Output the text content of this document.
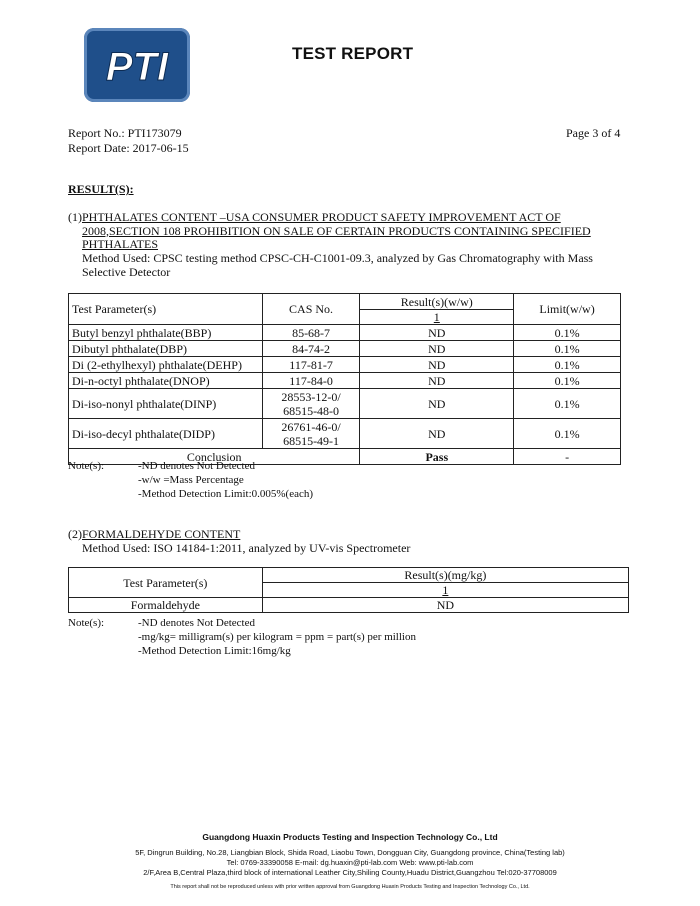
PTI	TEST REPORT
Report No.: PTI173079
Report Date: 2017-06-15
Page 3 of 4
RESULT(S):
(1)PHTHALATES CONTENT –USA CONSUMER PRODUCT SAFETY IMPROVEMENT ACT OF
2008,SECTION 108 PROHIBITION ON SALE OF CERTAIN PRODUCTS CONTAINING SPECIFIED
PHTHALATES
Method Used: CPSC testing method CPSC-CH-C1001-09.3, analyzed by Gas Chromatography with Mass
Selective Detector
Test Parameter(s)	CAS No.	Result(s)(w/w)	Limit(w/w)
		1	
Butyl benzyl phthalate(BBP)	85-68-7	ND	0.1%
Dibutyl phthalate(DBP)	84-74-2	ND	0.1%
Di (2-ethylhexyl) phthalate(DEHP)	117-81-7	ND	0.1%
Di-n-octyl phthalate(DNOP)	117-84-0	ND	0.1%
Di-iso-nonyl phthalate(DINP)	28553-12-0/
68515-48-0	ND	0.1%
Di-iso-decyl phthalate(DIDP)	26761-46-0/
68515-49-1	ND	0.1%
Conclusion		Pass	-
Note(s):	-ND denotes Not Detected
-w/w =Mass Percentage
-Method Detection Limit:0.005%(each)
(2)FORMALDEHYDE CONTENT
Method Used: ISO 14184-1:2011, analyzed by UV-vis Spectrometer
Test Parameter(s)	Result(s)(mg/kg)
	1
Formaldehyde	ND
Note(s):	-ND denotes Not Detected
-mg/kg= milligram(s) per kilogram = ppm = part(s) per million
-Method Detection Limit:16mg/kg
Guangdong Huaxin Products Testing and Inspection Technology Co., Ltd
5F, Dingrun Building, No.28, Liangbian Block, Shida Road, Liaobu Town, Dongguan City, Guangdong province, China(Testing lab)
Tel: 0769-33390058 E-mail: dg.huaxin@pti-lab.com Web: www.pti-lab.com
2/F,Area B,Central Plaza,third block of international Leather City,Shiling County,Huadu District,Guangzhou Tel:020-37708009
This report shall not be reproduced unless with prior written approval from Guangdong Huaxin Products Testing and Inspection Technology Co., Ltd.
